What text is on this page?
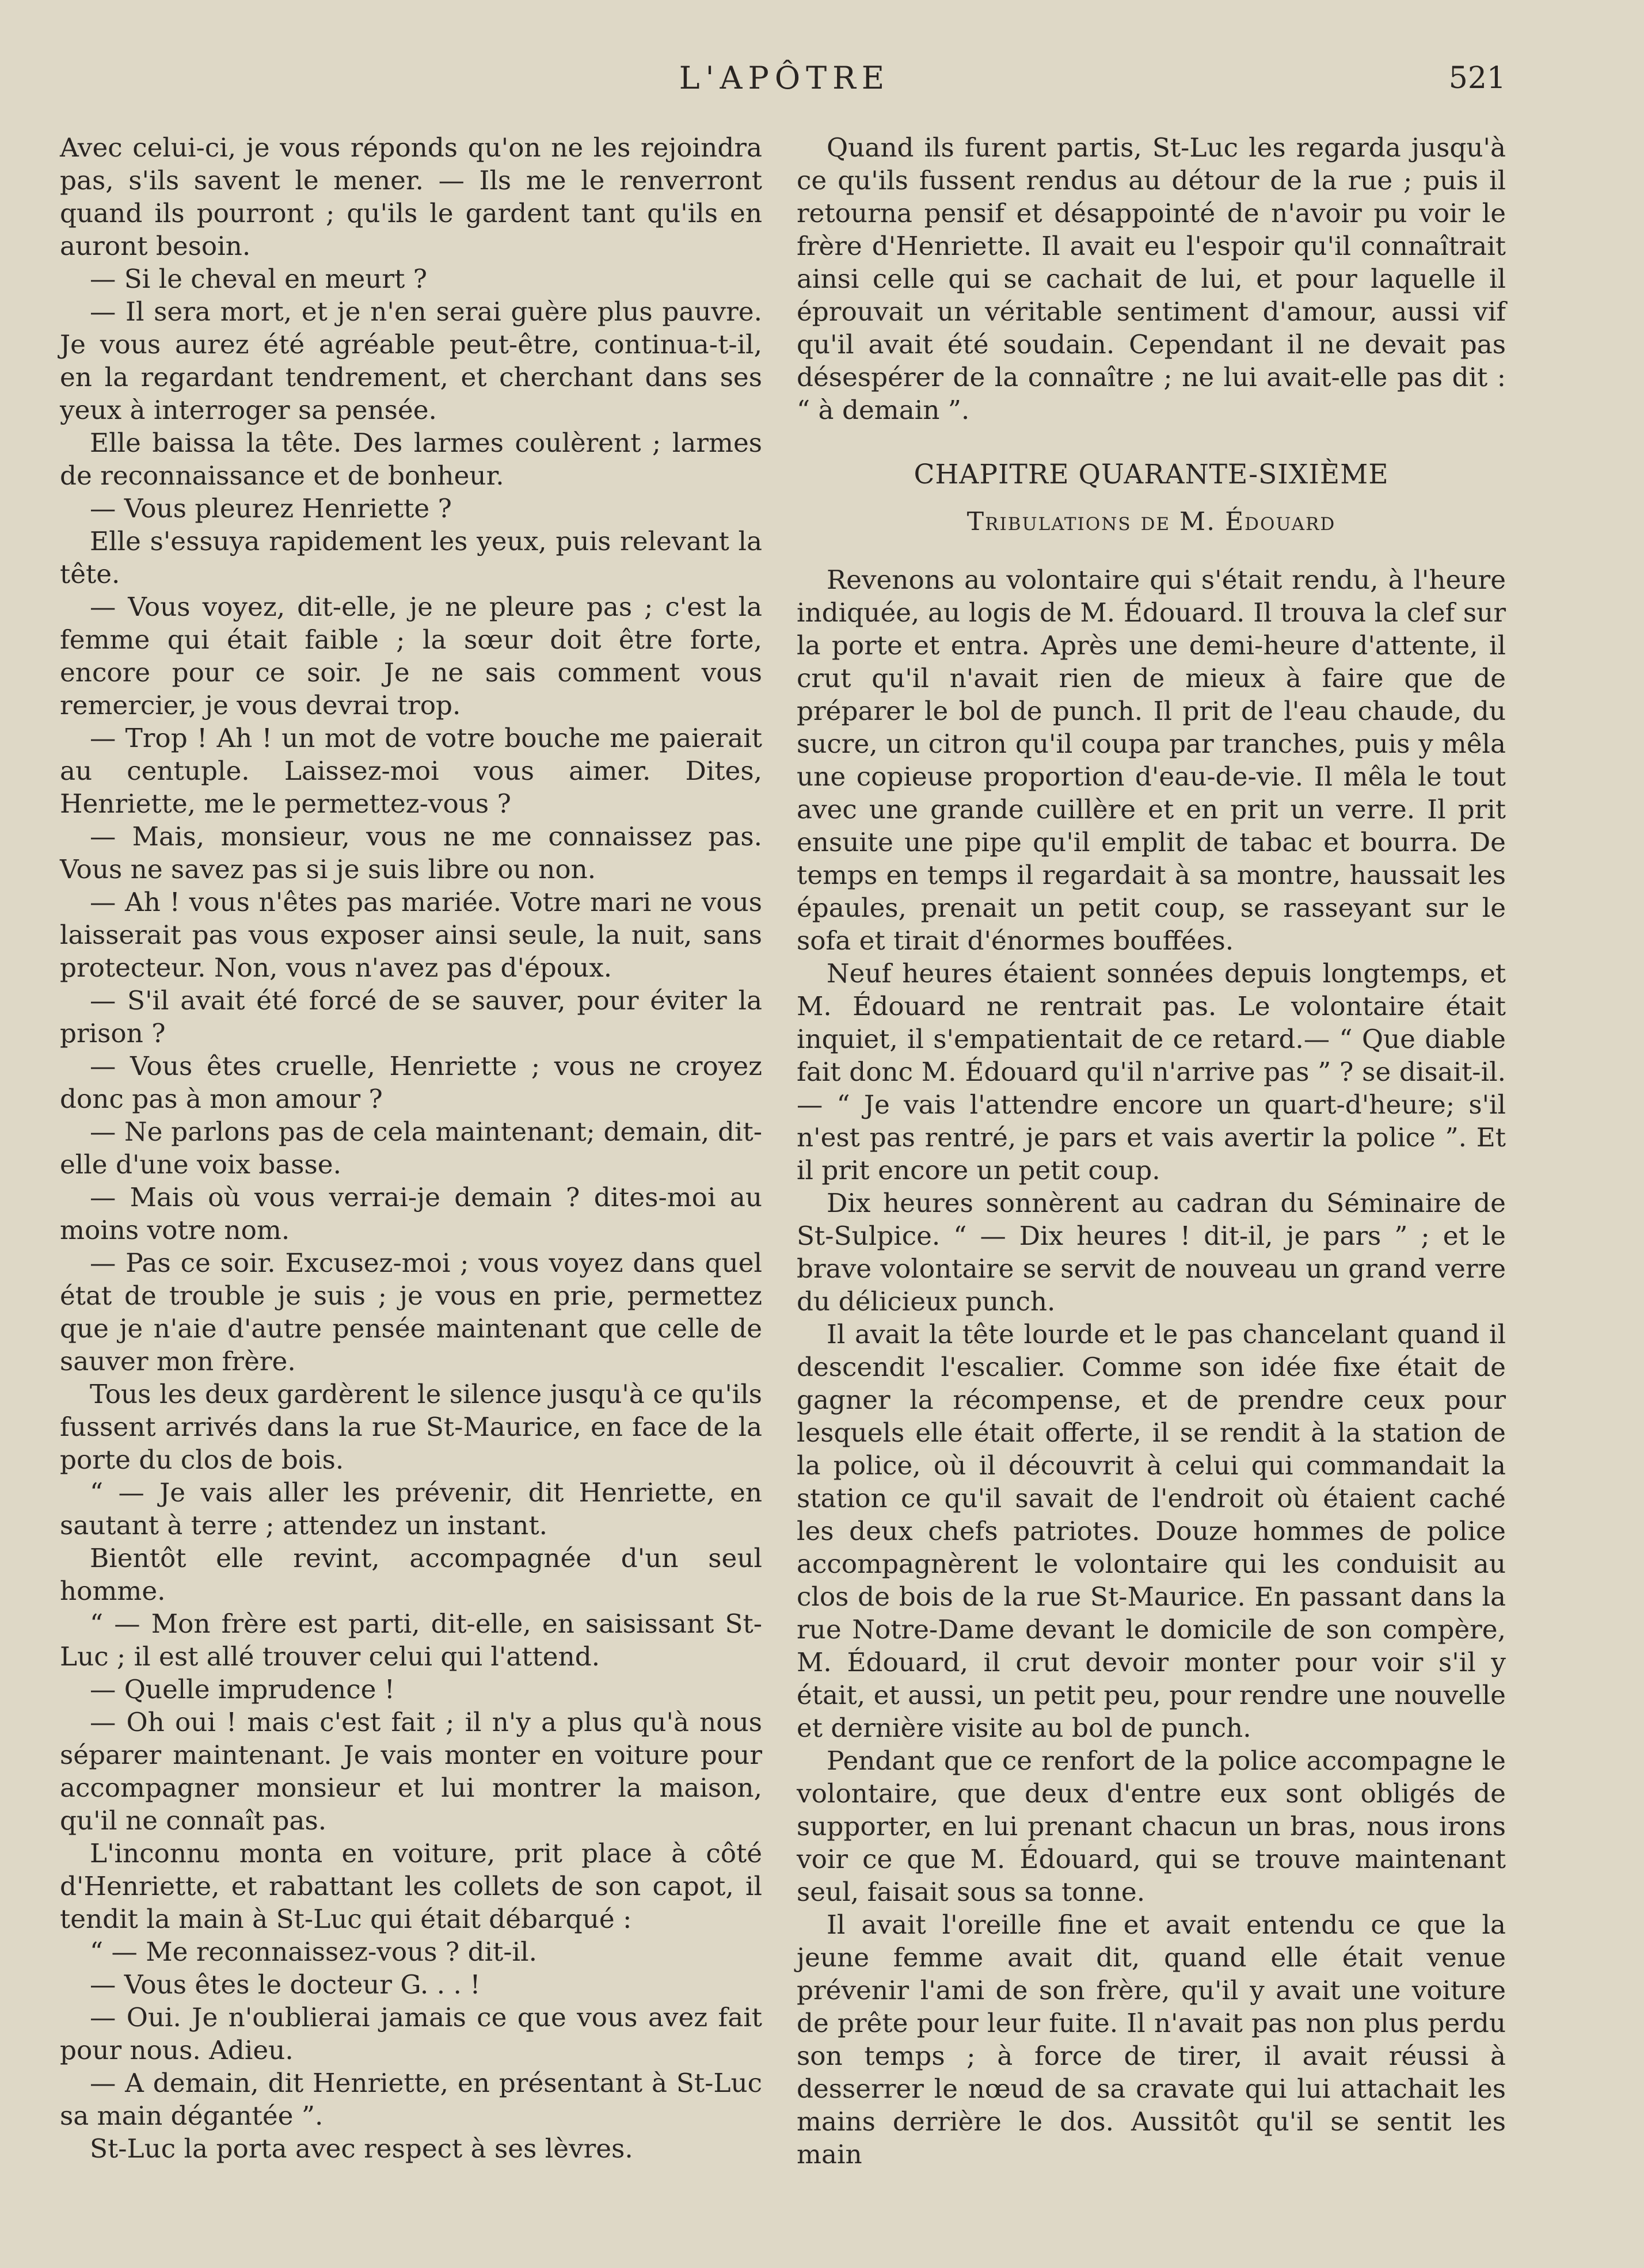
L'APÔTRE	521

Avec celui-ci, je vous réponds qu'on ne les rejoindra pas, s'ils savent le mener. — Ils me le renverront quand ils pourront ; qu'ils le gardent tant qu'ils en auront besoin.

— Si le cheval en meurt ?

— Il sera mort, et je n'en serai guère plus pauvre. Je vous aurez été agréable peut-être, continua-t-il, en la regardant tendrement, et cherchant dans ses yeux à interroger sa pensée.

Elle baissa la tête. Des larmes coulèrent ; larmes de reconnaissance et de bonheur.

— Vous pleurez Henriette ?

Elle s'essuya rapidement les yeux, puis relevant la tête.

— Vous voyez, dit-elle, je ne pleure pas ; c'est la femme qui était faible ; la sœur doit être forte, encore pour ce soir. Je ne sais comment vous remercier, je vous devrai trop.

— Trop ! Ah ! un mot de votre bouche me paierait au centuple. Laissez-moi vous aimer. Dites, Henriette, me le permettez-vous ?

— Mais, monsieur, vous ne me connaissez pas. Vous ne savez pas si je suis libre ou non.

— Ah ! vous n'êtes pas mariée. Votre mari ne vous laisserait pas vous exposer ainsi seule, la nuit, sans protecteur. Non, vous n'avez pas d'époux.

— S'il avait été forcé de se sauver, pour éviter la prison ?

— Vous êtes cruelle, Henriette ; vous ne croyez donc pas à mon amour ?

— Ne parlons pas de cela maintenant; demain, dit-elle d'une voix basse.

— Mais où vous verrai-je demain ? dites-moi au moins votre nom.

— Pas ce soir. Excusez-moi ; vous voyez dans quel état de trouble je suis ; je vous en prie, permettez que je n'aie d'autre pensée maintenant que celle de sauver mon frère.

Tous les deux gardèrent le silence jusqu'à ce qu'ils fussent arrivés dans la rue St-Maurice, en face de la porte du clos de bois.

“ — Je vais aller les prévenir, dit Henriette, en sautant à terre ; attendez un instant.

Bientôt elle revint, accompagnée d'un seul homme.

“ — Mon frère est parti, dit-elle, en saisissant St-Luc ; il est allé trouver celui qui l'attend.

— Quelle imprudence !

— Oh oui ! mais c'est fait ; il n'y a plus qu'à nous séparer maintenant. Je vais monter en voiture pour accompagner monsieur et lui montrer la maison, qu'il ne connaît pas.

L'inconnu monta en voiture, prit place à côté d'Henriette, et rabattant les collets de son capot, il tendit la main à St-Luc qui était débarqué :

“ — Me reconnaissez-vous ? dit-il.

— Vous êtes le docteur G. . . !

— Oui. Je n'oublierai jamais ce que vous avez fait pour nous. Adieu.

— A demain, dit Henriette, en présentant à St-Luc sa main dégantée ”.

St-Luc la porta avec respect à ses lèvres.

Quand ils furent partis, St-Luc les regarda jusqu'à ce qu'ils fussent rendus au détour de la rue ; puis il retourna pensif et désappointé de n'avoir pu voir le frère d'Henriette. Il avait eu l'espoir qu'il connaîtrait ainsi celle qui se cachait de lui, et pour laquelle il éprouvait un véritable sentiment d'amour, aussi vif qu'il avait été soudain. Cependant il ne devait pas désespérer de la connaître ; ne lui avait-elle pas dit : “ à demain ”.

CHAPITRE QUARANTE-SIXIÈME
Tribulations de M. Édouard

Revenons au volontaire qui s'était rendu, à l'heure indiquée, au logis de M. Édouard. Il trouva la clef sur la porte et entra. Après une demi-heure d'attente, il crut qu'il n'avait rien de mieux à faire que de préparer le bol de punch. Il prit de l'eau chaude, du sucre, un citron qu'il coupa par tranches, puis y mêla une copieuse proportion d'eau-de-vie. Il mêla le tout avec une grande cuillère et en prit un verre. Il prit ensuite une pipe qu'il emplit de tabac et bourra. De temps en temps il regardait à sa montre, haussait les épaules, prenait un petit coup, se rasseyant sur le sofa et tirait d'énormes bouffées.

Neuf heures étaient sonnées depuis longtemps, et M. Édouard ne rentrait pas. Le volontaire était inquiet, il s'empatientait de ce retard.— “ Que diable fait donc M. Édouard qu'il n'arrive pas ” ? se disait-il.— “ Je vais l'attendre encore un quart-d'heure; s'il n'est pas rentré, je pars et vais avertir la police ”. Et il prit encore un petit coup.

Dix heures sonnèrent au cadran du Séminaire de St-Sulpice. “ — Dix heures ! dit-il, je pars ” ; et le brave volontaire se servit de nouveau un grand verre du délicieux punch.

Il avait la tête lourde et le pas chancelant quand il descendit l'escalier. Comme son idée fixe était de gagner la récompense, et de prendre ceux pour lesquels elle était offerte, il se rendit à la station de la police, où il découvrit à celui qui commandait la station ce qu'il savait de l'endroit où étaient caché les deux chefs patriotes. Douze hommes de police accompagnèrent le volontaire qui les conduisit au clos de bois de la rue St-Maurice. En passant dans la rue Notre-Dame devant le domicile de son compère, M. Édouard, il crut devoir monter pour voir s'il y était, et aussi, un petit peu, pour rendre une nouvelle et dernière visite au bol de punch.

Pendant que ce renfort de la police accompagne le volontaire, que deux d'entre eux sont obligés de supporter, en lui prenant chacun un bras, nous irons voir ce que M. Édouard, qui se trouve maintenant seul, faisait sous sa tonne.

Il avait l'oreille fine et avait entendu ce que la jeune femme avait dit, quand elle était venue prévenir l'ami de son frère, qu'il y avait une voiture de prête pour leur fuite. Il n'avait pas non plus perdu son temps ; à force de tirer, il avait réussi à desserrer le nœud de sa cravate qui lui attachait les mains derrière le dos. Aussitôt qu'il se sentit les main
